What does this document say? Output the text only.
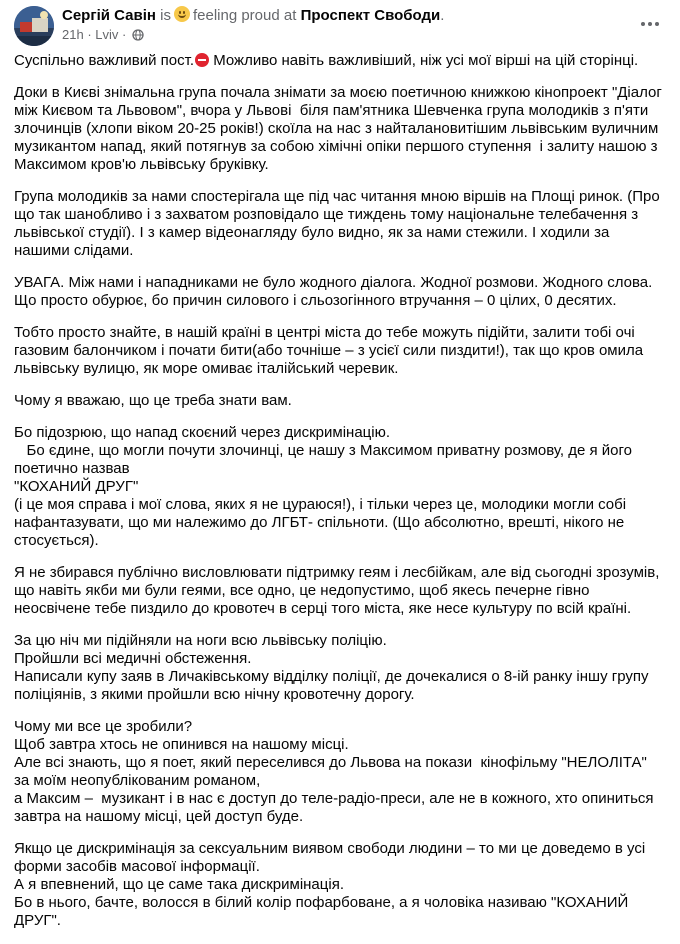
Сергій Савін is feeling proud at Проспект Свободи.
21h · Lviv ·

Суспільно важливий пост. Можливо навіть важливіший, ніж усі мої вірші на цій сторінці.

Доки в Києві знімальна група почала знімати за моєю поетичною книжкою кінопроект "Діалог між Києвом та Львовом", вчора у Львові  біля пам'ятника Шевченка група молодиків з п'яти злочинців (хлопи віком 20-25 років!) скоїла на нас з найталановитішим львівським вуличним музикантом напад, який потягнув за собою хімічні опіки першого ступення  і залиту нашою з Максимом кров'ю львівську бруківку.

Група молодиків за нами спостерігала ще під час читання мною віршів на Площі ринок. (Про що так шанобливо і з захватом розповідало ще тиждень тому національне телебачення з львівської студії). І з камер відеонагляду було видно, як за нами стежили. І ходили за нашими слідами.

УВАГА. Між нами і нападниками не було жодного діалога. Жодної розмови. Жодного слова.
Що просто обурює, бо причин силового і сльозогінного втручання – 0 цілих, 0 десятих.

Тобто просто знайте, в нашій країні в центрі міста до тебе можуть підійти, залити тобі очі газовим балончиком і почати бити(або точніше – з усієї сили пиздити!), так що кров омила львівську вулицю, як море омиває італійський черевик.

Чому я вважаю, що це треба знати вам.

Бо підозрюю, що напад скоєний через дискримінацію.
Бо єдине, що могли почути злочинці, це нашу з Максимом приватну розмову, де я його поетично назвав
"КОХАНИЙ ДРУГ"
(і це моя справа і мої слова, яких я не цураюся!), і тільки через це, молодики могли собі нафантазувати, що ми належимо до ЛГБТ- спільноти. (Що абсолютно, врешті, нікого не стосується).

Я не збирався публічно висловлювати підтримку геям і лесбійкам, але від сьогодні зрозумів, що навіть якби ми були геями, все одно, це недопустимо, щоб якесь печерне гівно неосвічене тебе пиздило до кровотеч в серці того міста, яке несе культуру по всій країні.

За цю ніч ми підійняли на ноги всю львівську поліцію.
Пройшли всі медичні обстеження.
Написали купу заяв в Личаківському відділку поліції, де дочекалися о 8-ій ранку іншу групу поліціянів, з якими пройшли всю нічну кровотечну дорогу.

Чому ми все це зробили?
Щоб завтра хтось не опинився на нашому місці.
Але всі знають, що я поет, який переселився до Львова на покази  кінофільму "НЕЛОЛІТА" за моїм неопублікованим романом,
а Максим –  музикант і в нас є доступ до теле-радіо-преси, але не в кожного, хто опиниться завтра на нашому місці, цей доступ буде.

Якщо це дискримінація за сексуальним виявом свободи людини – то ми це доведемо в усі форми засобів масової інформації.
А я впевнений, що це саме така дискримінація.
Бо в нього, бачте, волосся в білий колір пофарбоване, а я чоловіка називаю "КОХАНИЙ ДРУГ".
